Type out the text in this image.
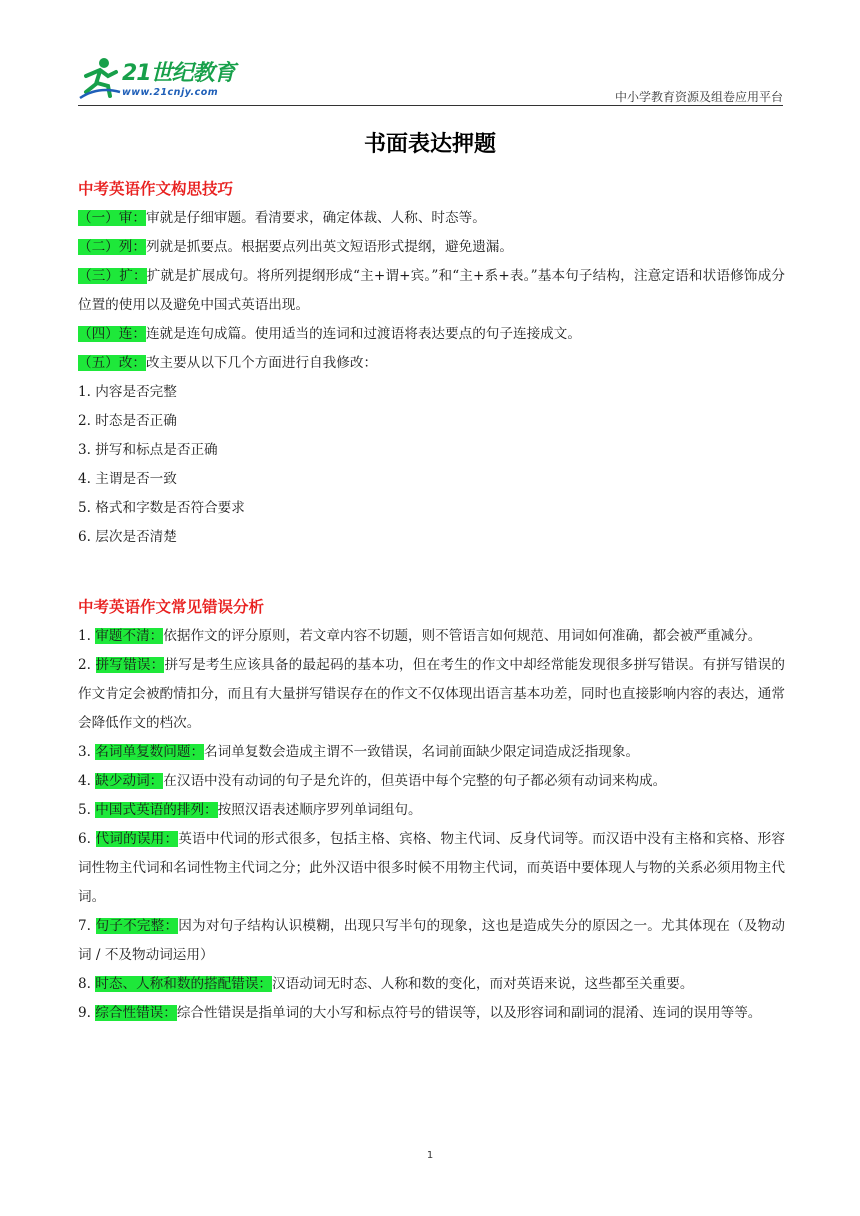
21世纪教育
www.21cnjy.com	中小学教育资源及组卷应用平台
书面表达押题
中考英语作文构思技巧

（一）审：审就是仔细审题。看清要求，确定体裁、人称、时态等。

（二）列：列就是抓要点。根据要点列出英文短语形式提纲，避免遗漏。

（三）扩：扩就是扩展成句。将所列提纲形成“主+谓+宾。”和“主+系+表。”基本句子结构，注意定语和状语修饰成分位置的使用以及避免中国式英语出现。

（四）连：连就是连句成篇。使用适当的连词和过渡语将表达要点的句子连接成文。

（五）改：改主要从以下几个方面进行自我修改：

1. 内容是否完整

2. 时态是否正确

3. 拼写和标点是否正确

4. 主谓是否一致

5. 格式和字数是否符合要求

6. 层次是否清楚

中考英语作文常见错误分析

1. 审题不清：依据作文的评分原则，若文章内容不切题，则不管语言如何规范、用词如何准确，都会被严重减分。

2. 拼写错误：拼写是考生应该具备的最起码的基本功，但在考生的作文中却经常能发现很多拼写错误。有拼写错误的作文肯定会被酌情扣分，而且有大量拼写错误存在的作文不仅体现出语言基本功差，同时也直接影响内容的表达，通常会降低作文的档次。

3. 名词单复数问题：名词单复数会造成主谓不一致错误，名词前面缺少限定词造成泛指现象。

4. 缺少动词：在汉语中没有动词的句子是允许的，但英语中每个完整的句子都必须有动词来构成。

5. 中国式英语的排列：按照汉语表述顺序罗列单词组句。

6. 代词的误用：英语中代词的形式很多，包括主格、宾格、物主代词、反身代词等。而汉语中没有主格和宾格、形容词性物主代词和名词性物主代词之分；此外汉语中很多时候不用物主代词，而英语中要体现人与物的关系必须用物主代词。

7. 句子不完整：因为对句子结构认识模糊，出现只写半句的现象，这也是造成失分的原因之一。尤其体现在（及物动词 / 不及物动词运用）

8. 时态、人称和数的搭配错误：汉语动词无时态、人称和数的变化，而对英语来说，这些都至关重要。

9. 综合性错误：综合性错误是指单词的大小写和标点符号的错误等，以及形容词和副词的混淆、连词的误用等等。

1
